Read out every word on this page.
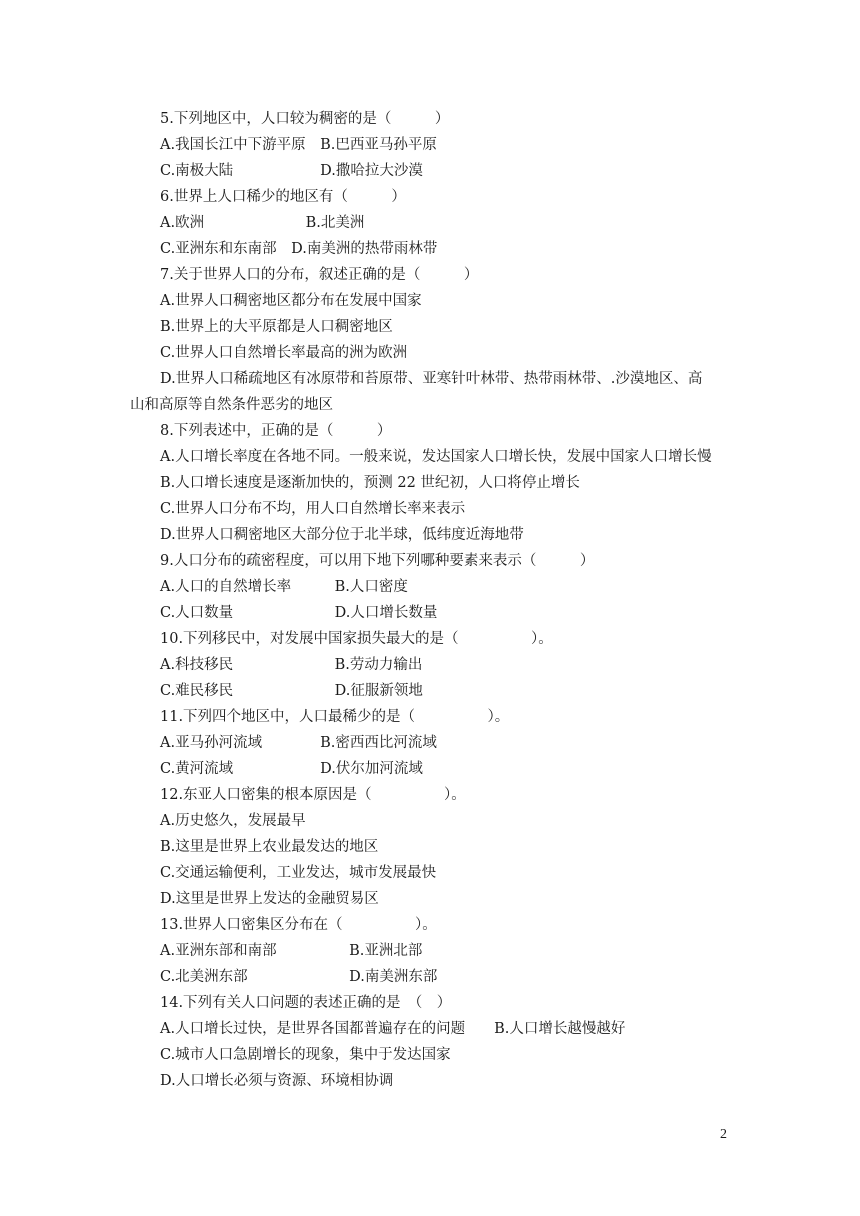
5.下列地区中，人口较为稠密的是（　　　）
A.我国长江中下游平原　B.巴西亚马孙平原
C.南极大陆　　　　　　D.撒哈拉大沙漠
6.世界上人口稀少的地区有（　　　）
A.欧洲　　　　　　　B.北美洲
C.亚洲东和东南部　D.南美洲的热带雨林带
7.关于世界人口的分布，叙述正确的是（　　　）
A.世界人口稠密地区都分布在发展中国家
B.世界上的大平原都是人口稠密地区
C.世界人口自然增长率最高的洲为欧洲
D.世界人口稀疏地区有冰原带和苔原带、亚寒针叶林带、热带雨林带、.沙漠地区、高
山和高原等自然条件恶劣的地区
8.下列表述中，正确的是（　　　）
A.人口增长率度在各地不同。一般来说，发达国家人口增长快，发展中国家人口增长慢
B.人口增长速度是逐渐加快的，预测 22 世纪初，人口将停止增长
C.世界人口分布不均，用人口自然增长率来表示
D.世界人口稠密地区大部分位于北半球，低纬度近海地带
9.人口分布的疏密程度，可以用下地下列哪种要素来表示（　　　）
A.人口的自然增长率　　　B.人口密度
C.人口数量　　　　　　　D.人口增长数量
10.下列移民中，对发展中国家损失最大的是（　　　　　）。
A.科技移民　　　　　　　B.劳动力输出
C.难民移民　　　　　　　D.征服新领地
11.下列四个地区中，人口最稀少的是（　　　　　）。
A.亚马孙河流域　　　　B.密西西比河流域
C.黄河流域　　　　　　D.伏尔加河流域
12.东亚人口密集的根本原因是（　　　　　）。
A.历史悠久，发展最早
B.这里是世界上农业最发达的地区
C.交通运输便利，工业发达，城市发展最快
D.这里是世界上发达的金融贸易区
13.世界人口密集区分布在（　　　　　）。
A.亚洲东部和南部　　　　　B.亚洲北部
C.北美洲东部　　　　　　　D.南美洲东部
14.下列有关人口问题的表述正确的是　（　）
A.人口增长过快，是世界各国都普遍存在的问题　　B.人口增长越慢越好
C.城市人口急剧增长的现象，集中于发达国家
D.人口增长必须与资源、环境相协调
2
